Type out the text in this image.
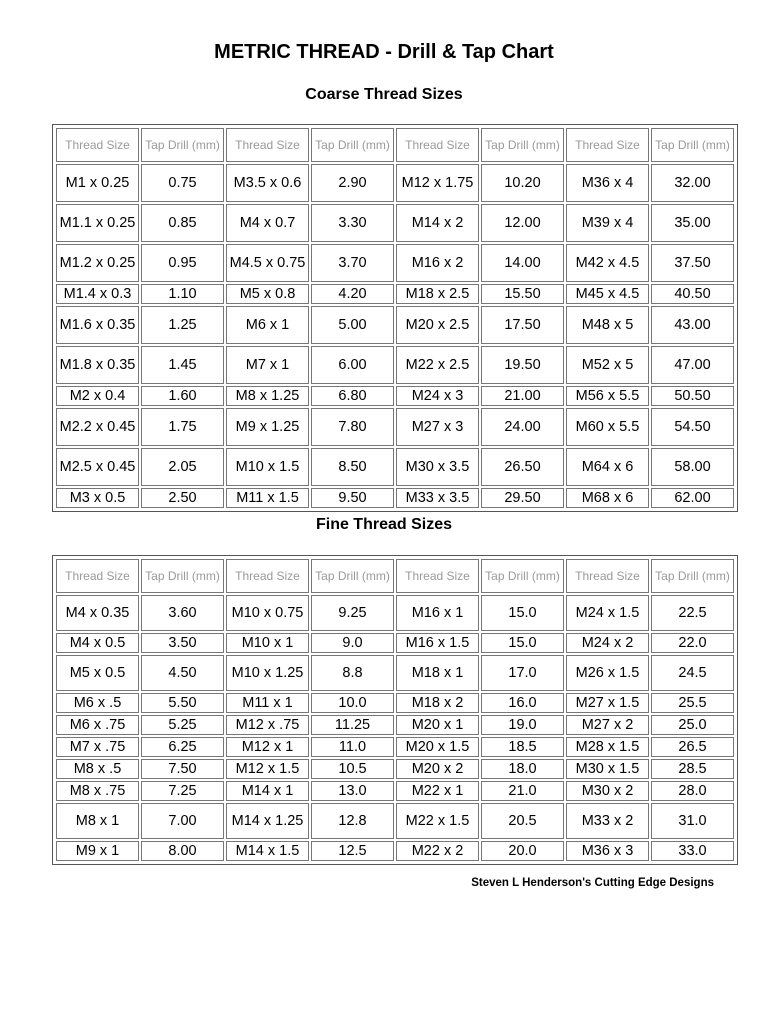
METRIC THREAD - Drill & Tap Chart
Coarse Thread Sizes
Thread Size	Tap Drill (mm)	Thread Size	Tap Drill (mm)	Thread Size	Tap Drill (mm)	Thread Size	Tap Drill (mm)
M1 x 0.25	0.75	M3.5 x 0.6	2.90	M12 x 1.75	10.20	M36 x 4	32.00
M1.1 x 0.25	0.85	M4 x 0.7	3.30	M14 x 2	12.00	M39 x 4	35.00
M1.2 x 0.25	0.95	M4.5 x 0.75	3.70	M16 x 2	14.00	M42 x 4.5	37.50
M1.4 x 0.3	1.10	M5 x 0.8	4.20	M18 x 2.5	15.50	M45 x 4.5	40.50
M1.6 x 0.35	1.25	M6 x 1	5.00	M20 x 2.5	17.50	M48 x 5	43.00
M1.8 x 0.35	1.45	M7 x 1	6.00	M22 x 2.5	19.50	M52 x 5	47.00
M2 x 0.4	1.60	M8 x 1.25	6.80	M24 x 3	21.00	M56 x 5.5	50.50
M2.2 x 0.45	1.75	M9 x 1.25	7.80	M27 x 3	24.00	M60 x 5.5	54.50
M2.5 x 0.45	2.05	M10 x 1.5	8.50	M30 x 3.5	26.50	M64 x 6	58.00
M3 x 0.5	2.50	M11 x 1.5	9.50	M33 x 3.5	29.50	M68 x 6	62.00
Fine Thread Sizes
Thread Size	Tap Drill (mm)	Thread Size	Tap Drill (mm)	Thread Size	Tap Drill (mm)	Thread Size	Tap Drill (mm)
M4 x 0.35	3.60	M10 x 0.75	9.25	M16 x 1	15.0	M24 x 1.5	22.5
M4 x 0.5	3.50	M10 x 1	9.0	M16 x 1.5	15.0	M24 x 2	22.0
M5 x 0.5	4.50	M10 x 1.25	8.8	M18 x 1	17.0	M26 x 1.5	24.5
M6 x .5	5.50	M11 x 1	10.0	M18 x 2	16.0	M27 x 1.5	25.5
M6 x .75	5.25	M12 x .75	11.25	M20 x 1	19.0	M27 x 2	25.0
M7 x .75	6.25	M12 x 1	11.0	M20 x 1.5	18.5	M28 x 1.5	26.5
M8 x .5	7.50	M12 x 1.5	10.5	M20 x 2	18.0	M30 x 1.5	28.5
M8 x .75	7.25	M14 x 1	13.0	M22 x 1	21.0	M30 x 2	28.0
M8 x 1	7.00	M14 x 1.25	12.8	M22 x 1.5	20.5	M33 x 2	31.0
M9 x 1	8.00	M14 x 1.5	12.5	M22 x 2	20.0	M36 x 3	33.0
Steven L Henderson's Cutting Edge Designs
